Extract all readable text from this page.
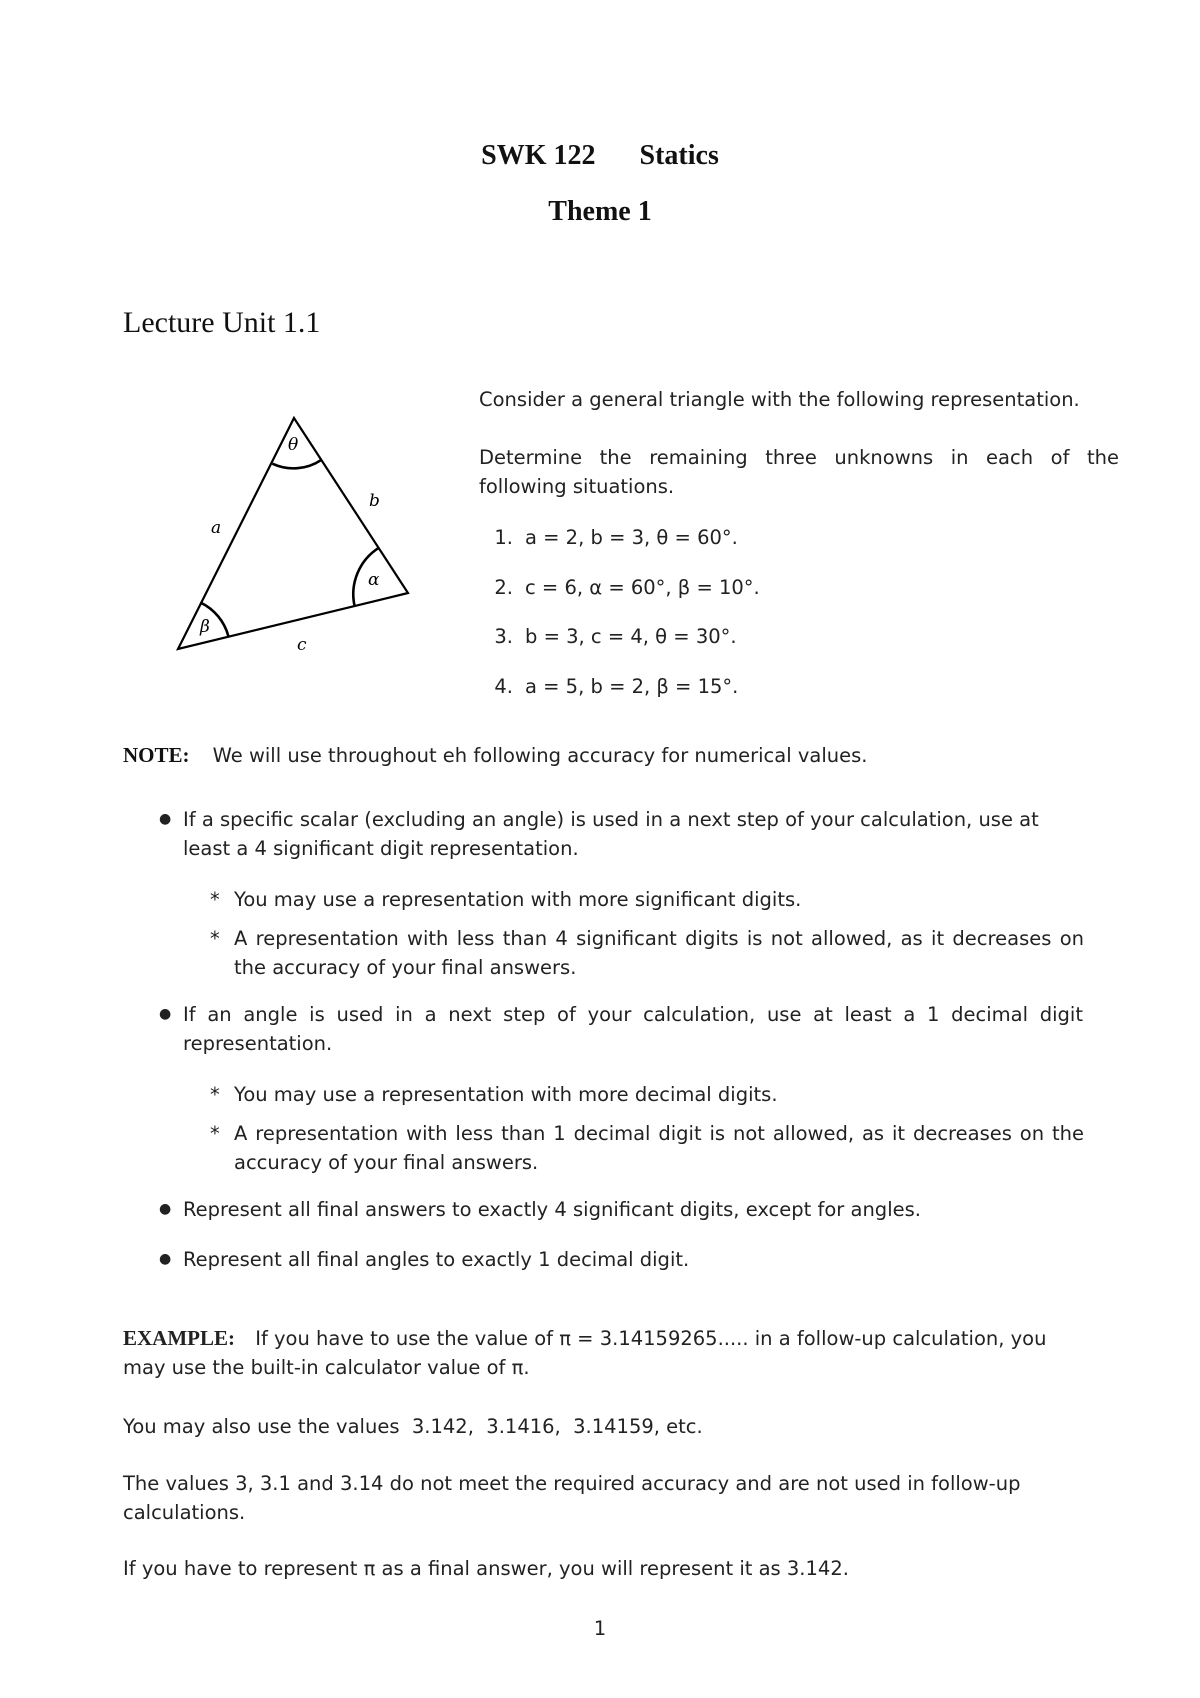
SWK 122 Statics
Theme 1
Lecture Unit 1.1
θ
α
β
a
b
c
Consider a general triangle with the following representation.
Determine the remaining three unknowns in each of the following situations.
1. a = 2, b = 3, θ = 60°.
2. c = 6, α = 60°, β = 10°.
3. b = 3, c = 4, θ = 30°.
4. a = 5, b = 2, β = 15°.
NOTE: We will use throughout eh following accuracy for numerical values.
● If a specific scalar (excluding an angle) is used in a next step of your calculation, use at least a 4 significant digit representation.
* You may use a representation with more significant digits.
* A representation with less than 4 significant digits is not allowed, as it decreases on the accuracy of your final answers.
● If an angle is used in a next step of your calculation, use at least a 1 decimal digit representation.
* You may use a representation with more decimal digits.
* A representation with less than 1 decimal digit is not allowed, as it decreases on the accuracy of your final answers.
● Represent all final answers to exactly 4 significant digits, except for angles.
● Represent all final angles to exactly 1 decimal digit.
EXAMPLE: If you have to use the value of π = 3.14159265..... in a follow-up calculation, you may use the built-in calculator value of π.
You may also use the values  3.142,  3.1416,  3.14159, etc.
The values 3, 3.1 and 3.14 do not meet the required accuracy and are not used in follow-up calculations.
If you have to represent π as a final answer, you will represent it as 3.142.
1
